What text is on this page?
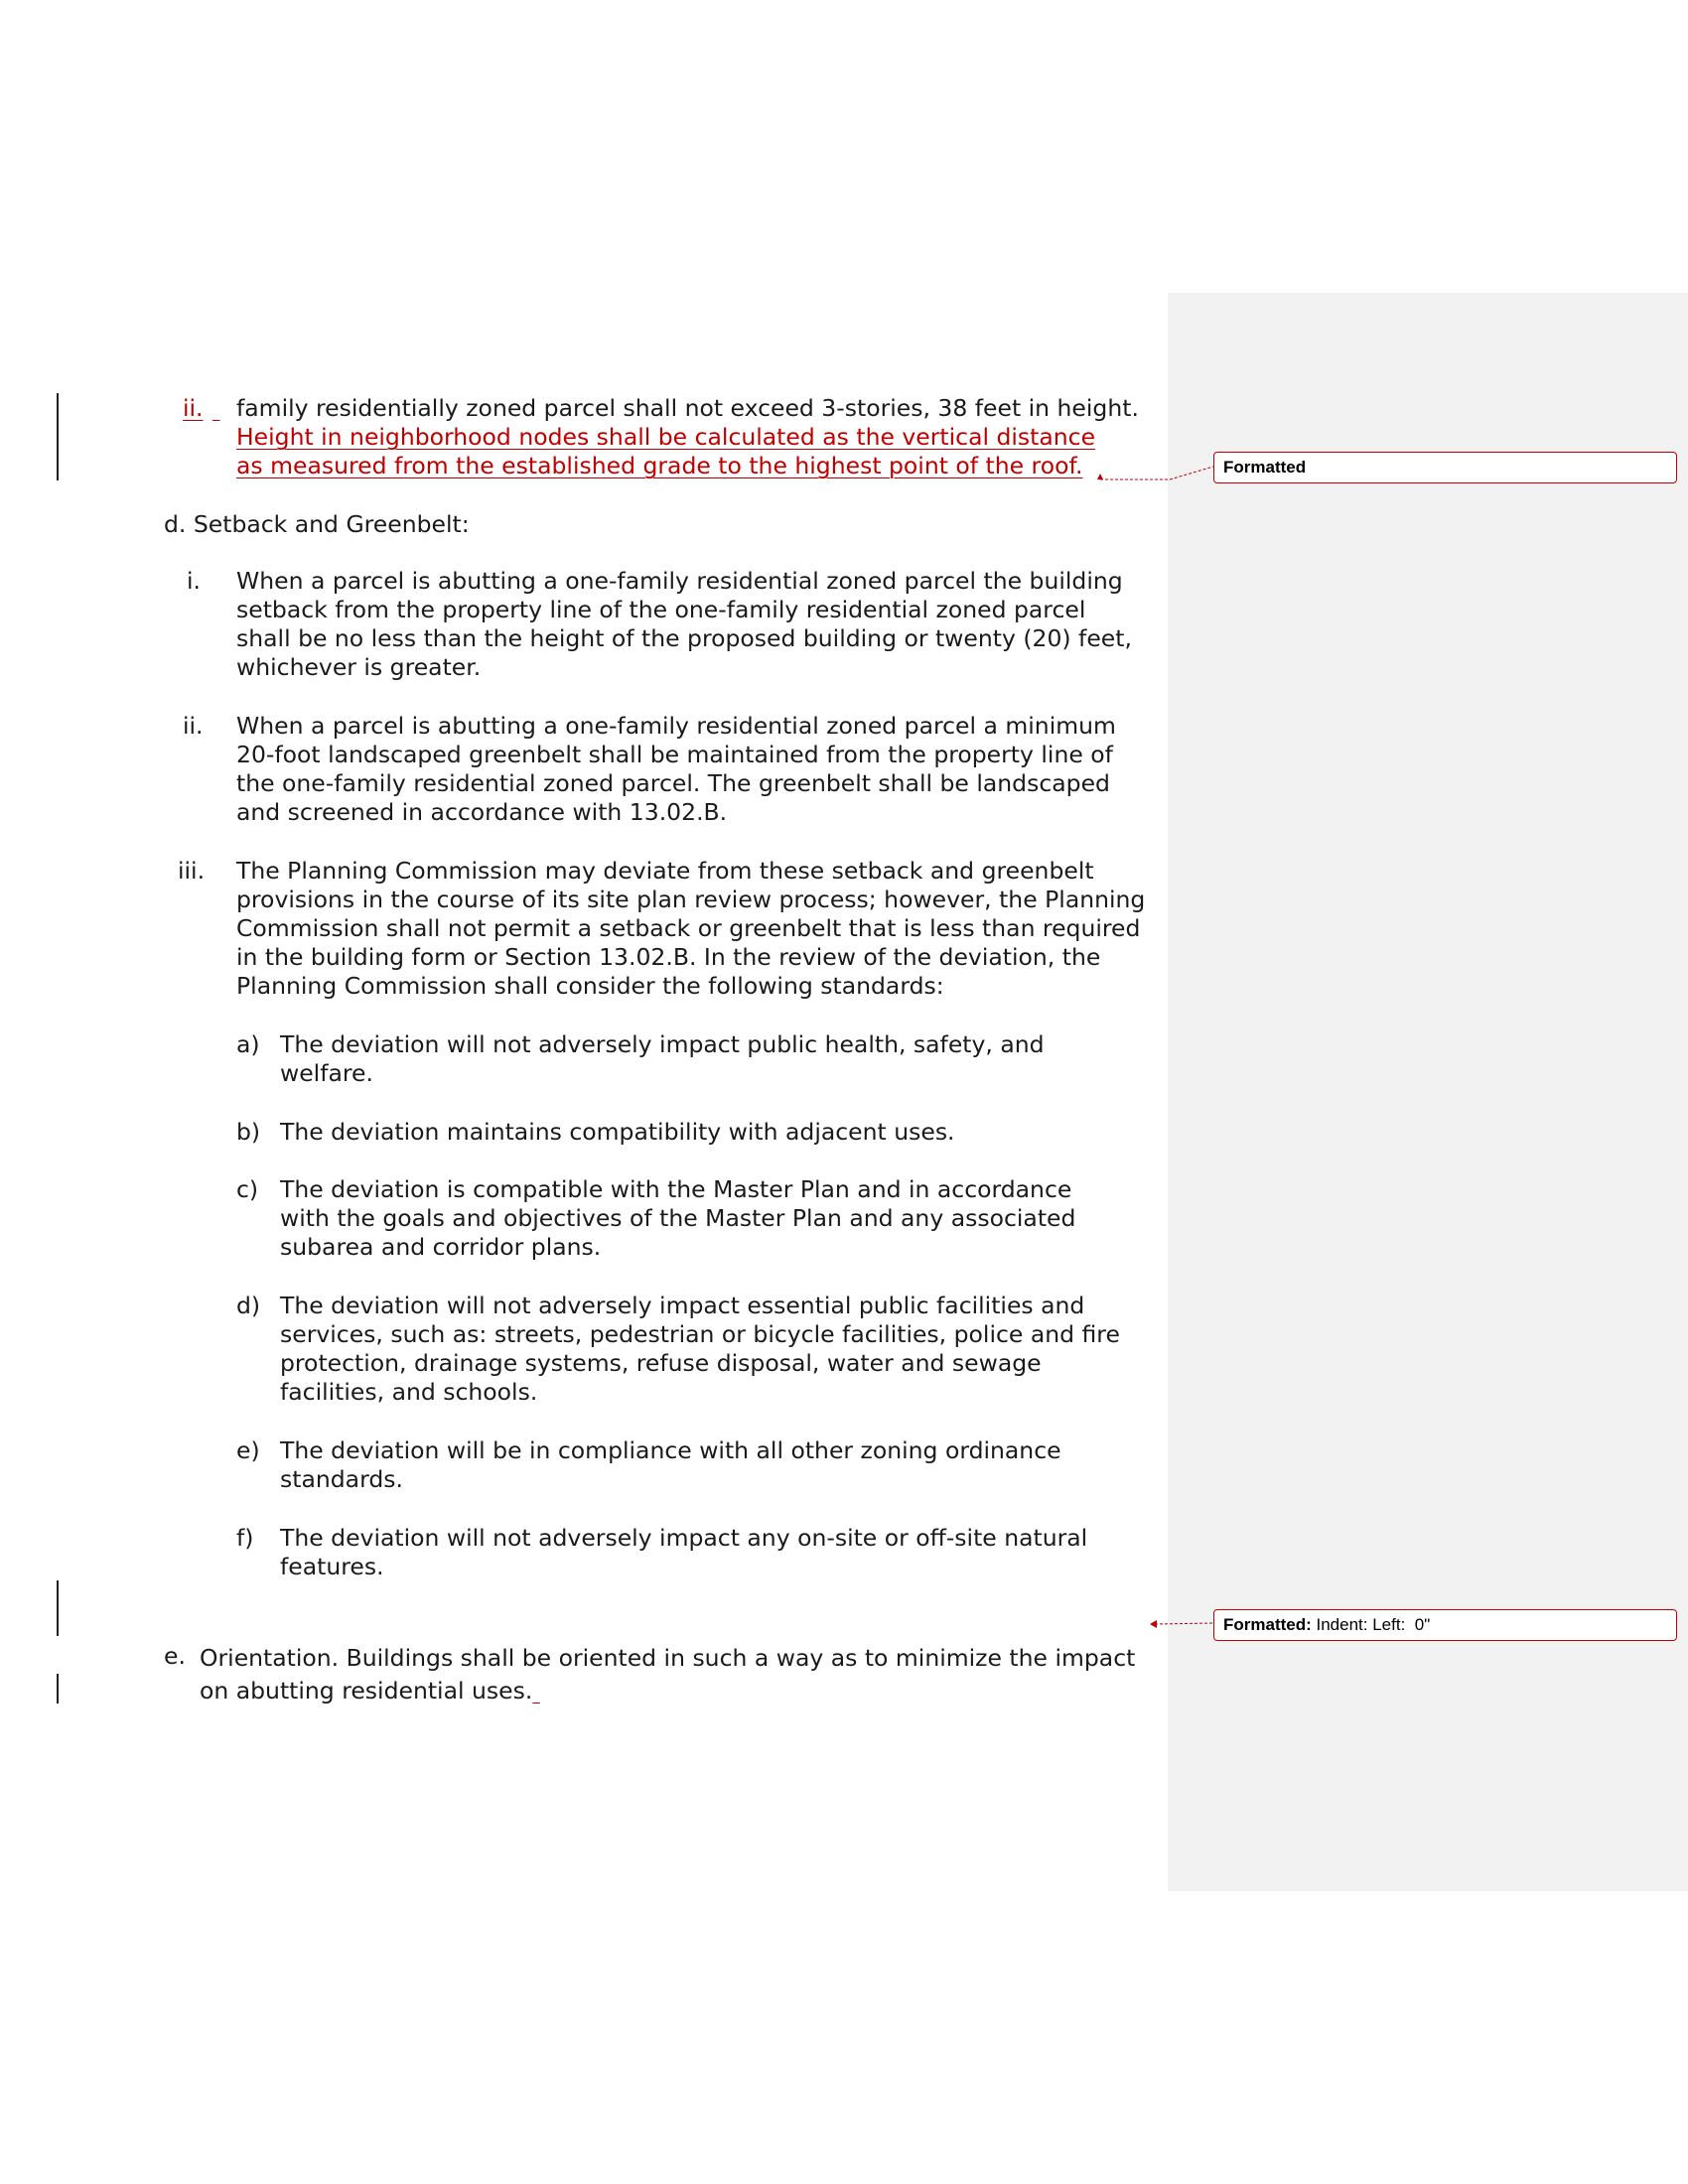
ii.
family residentially zoned parcel shall not exceed 3-stories, 38 feet in height.
Height in neighborhood nodes shall be calculated as the vertical distance
as measured from the established grade to the highest point of the roof.
d. Setback and Greenbelt:
i. When a parcel is abutting a one-family residential zoned parcel the building
setback from the property line of the one-family residential zoned parcel
shall be no less than the height of the proposed building or twenty (20) feet,
whichever is greater.
ii. When a parcel is abutting a one-family residential zoned parcel a minimum
20-foot landscaped greenbelt shall be maintained from the property line of
the one-family residential zoned parcel. The greenbelt shall be landscaped
and screened in accordance with 13.02.B.
iii. The Planning Commission may deviate from these setback and greenbelt
provisions in the course of its site plan review process; however, the Planning
Commission shall not permit a setback or greenbelt that is less than required
in the building form or Section 13.02.B. In the review of the deviation, the
Planning Commission shall consider the following standards:
a) The deviation will not adversely impact public health, safety, and
welfare.
b) The deviation maintains compatibility with adjacent uses.
c) The deviation is compatible with the Master Plan and in accordance
with the goals and objectives of the Master Plan and any associated
subarea and corridor plans.
d) The deviation will not adversely impact essential public facilities and
services, such as: streets, pedestrian or bicycle facilities, police and fire
protection, drainage systems, refuse disposal, water and sewage
facilities, and schools.
e) The deviation will be in compliance with all other zoning ordinance
standards.
f) The deviation will not adversely impact any on-site or off-site natural
features.
e. Orientation. Buildings shall be oriented in such a way as to minimize the impact
on abutting residential uses.
Formatted
Formatted: Indent: Left:  0"
